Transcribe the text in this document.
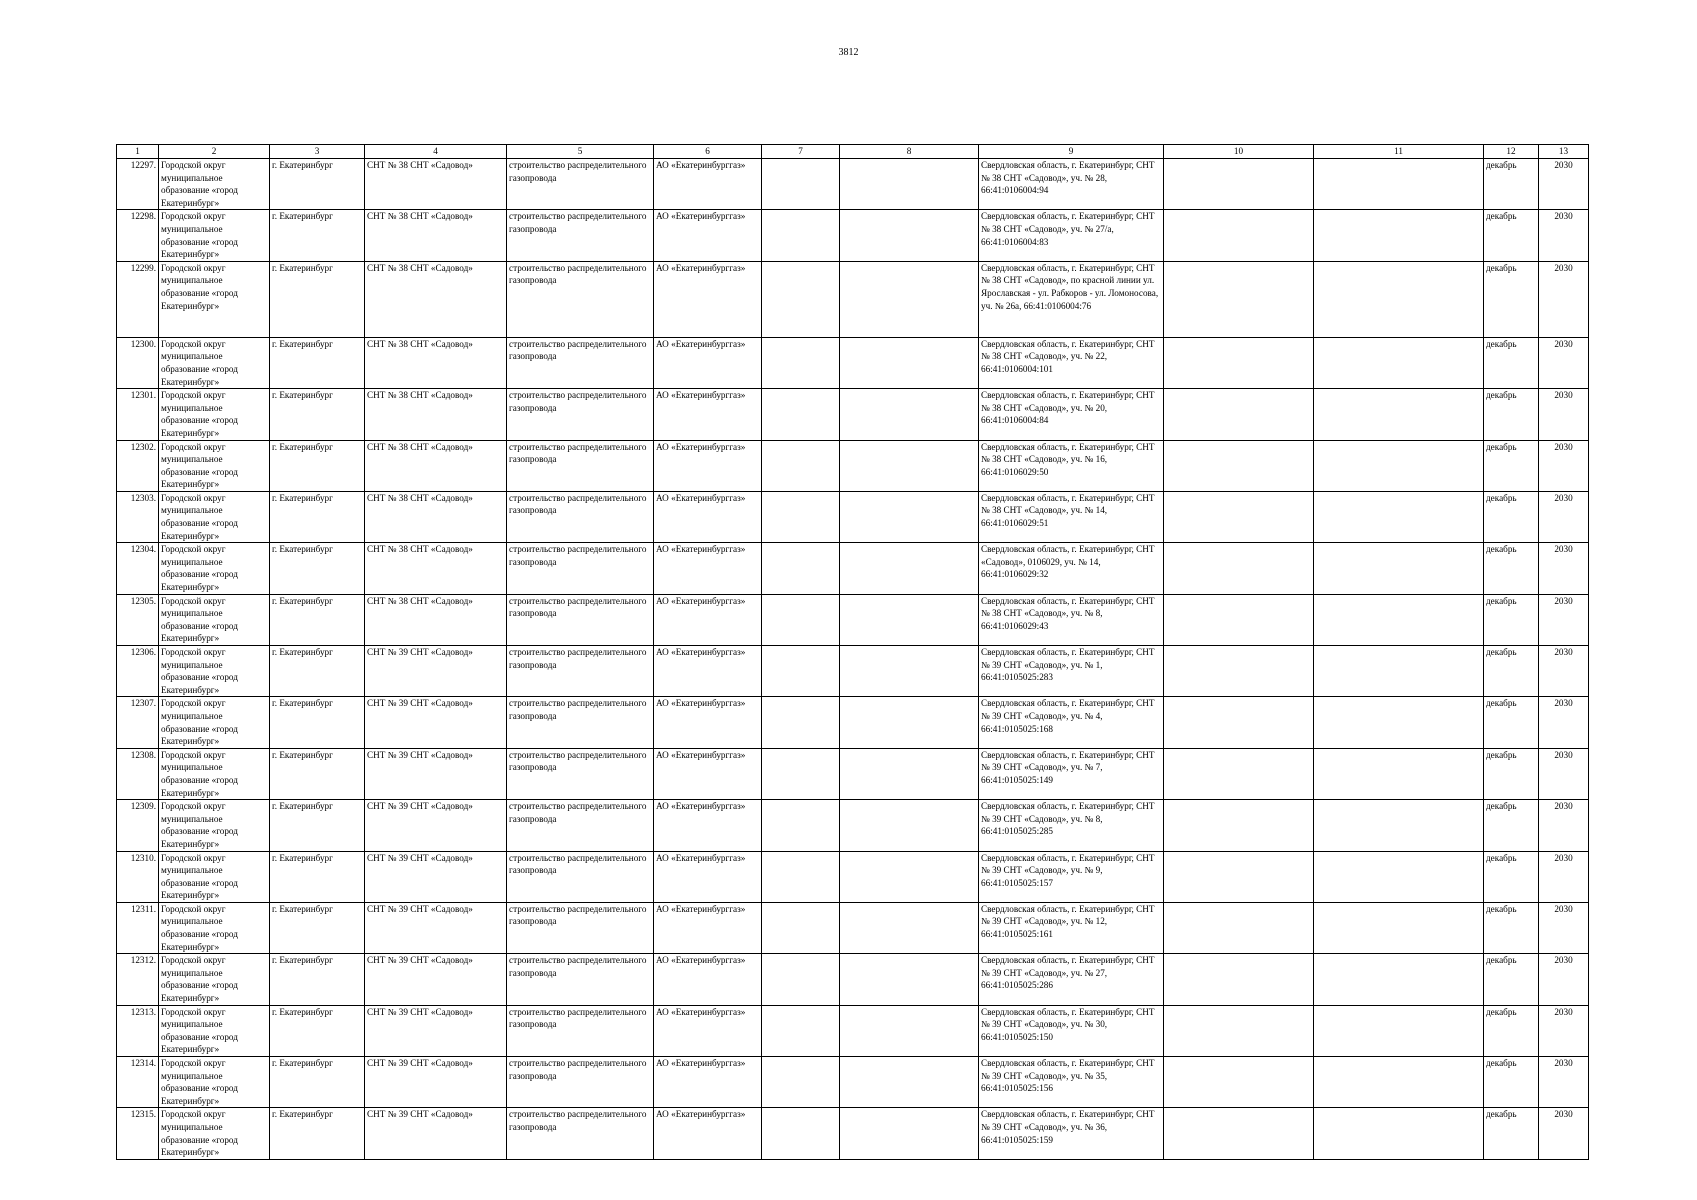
3812
1	2	3	4	5	6	7	8	9	10	11	12	13
12297.	Городской округ муниципальное образование «город Екатеринбург»	г. Екатеринбург	СНТ № 38 СНТ «Садовод»	строительство распределительного газопровода	АО «Екатеринбурггаз»			Свердловская область, г. Екатеринбург, СНТ № 38 СНТ «Садовод», уч. № 28, 66:41:0106004:94			декабрь	2030
12298.	Городской округ муниципальное образование «город Екатеринбург»	г. Екатеринбург	СНТ № 38 СНТ «Садовод»	строительство распределительного газопровода	АО «Екатеринбурггаз»			Свердловская область, г. Екатеринбург, СНТ № 38 СНТ «Садовод», уч. № 27/а, 66:41:0106004:83			декабрь	2030
12299.	Городской округ муниципальное образование «город Екатеринбург»	г. Екатеринбург	СНТ № 38 СНТ «Садовод»	строительство распределительного газопровода	АО «Екатеринбурггаз»			Свердловская область, г. Екатеринбург, СНТ № 38 СНТ «Садовод», по красной линии ул. Ярославская - ул. Рабкоров - ул. Ломоносова, уч. № 26а, 66:41:0106004:76			декабрь	2030
12300.	Городской округ муниципальное образование «город Екатеринбург»	г. Екатеринбург	СНТ № 38 СНТ «Садовод»	строительство распределительного газопровода	АО «Екатеринбурггаз»			Свердловская область, г. Екатеринбург, СНТ № 38 СНТ «Садовод», уч. № 22, 66:41:0106004:101			декабрь	2030
12301.	Городской округ муниципальное образование «город Екатеринбург»	г. Екатеринбург	СНТ № 38 СНТ «Садовод»	строительство распределительного газопровода	АО «Екатеринбурггаз»			Свердловская область, г. Екатеринбург, СНТ № 38 СНТ «Садовод», уч. № 20, 66:41:0106004:84			декабрь	2030
12302.	Городской округ муниципальное образование «город Екатеринбург»	г. Екатеринбург	СНТ № 38 СНТ «Садовод»	строительство распределительного газопровода	АО «Екатеринбурггаз»			Свердловская область, г. Екатеринбург, СНТ № 38 СНТ «Садовод», уч. № 16, 66:41:0106029:50			декабрь	2030
12303.	Городской округ муниципальное образование «город Екатеринбург»	г. Екатеринбург	СНТ № 38 СНТ «Садовод»	строительство распределительного газопровода	АО «Екатеринбурггаз»			Свердловская область, г. Екатеринбург, СНТ № 38 СНТ «Садовод», уч. № 14, 66:41:0106029:51			декабрь	2030
12304.	Городской округ муниципальное образование «город Екатеринбург»	г. Екатеринбург	СНТ № 38 СНТ «Садовод»	строительство распределительного газопровода	АО «Екатеринбурггаз»			Свердловская область, г. Екатеринбург, СНТ «Садовод», 0106029, уч. № 14, 66:41:0106029:32			декабрь	2030
12305.	Городской округ муниципальное образование «город Екатеринбург»	г. Екатеринбург	СНТ № 38 СНТ «Садовод»	строительство распределительного газопровода	АО «Екатеринбурггаз»			Свердловская область, г. Екатеринбург, СНТ № 38 СНТ «Садовод», уч. № 8, 66:41:0106029:43			декабрь	2030
12306.	Городской округ муниципальное образование «город Екатеринбург»	г. Екатеринбург	СНТ № 39 СНТ «Садовод»	строительство распределительного газопровода	АО «Екатеринбурггаз»			Свердловская область, г. Екатеринбург, СНТ № 39 СНТ «Садовод», уч. № 1, 66:41:0105025:283			декабрь	2030
12307.	Городской округ муниципальное образование «город Екатеринбург»	г. Екатеринбург	СНТ № 39 СНТ «Садовод»	строительство распределительного газопровода	АО «Екатеринбурггаз»			Свердловская область, г. Екатеринбург, СНТ № 39 СНТ «Садовод», уч. № 4, 66:41:0105025:168			декабрь	2030
12308.	Городской округ муниципальное образование «город Екатеринбург»	г. Екатеринбург	СНТ № 39 СНТ «Садовод»	строительство распределительного газопровода	АО «Екатеринбурггаз»			Свердловская область, г. Екатеринбург, СНТ № 39 СНТ «Садовод», уч. № 7, 66:41:0105025:149			декабрь	2030
12309.	Городской округ муниципальное образование «город Екатеринбург»	г. Екатеринбург	СНТ № 39 СНТ «Садовод»	строительство распределительного газопровода	АО «Екатеринбурггаз»			Свердловская область, г. Екатеринбург, СНТ № 39 СНТ «Садовод», уч. № 8, 66:41:0105025:285			декабрь	2030
12310.	Городской округ муниципальное образование «город Екатеринбург»	г. Екатеринбург	СНТ № 39 СНТ «Садовод»	строительство распределительного газопровода	АО «Екатеринбурггаз»			Свердловская область, г. Екатеринбург, СНТ № 39 СНТ «Садовод», уч. № 9, 66:41:0105025:157			декабрь	2030
12311.	Городской округ муниципальное образование «город Екатеринбург»	г. Екатеринбург	СНТ № 39 СНТ «Садовод»	строительство распределительного газопровода	АО «Екатеринбурггаз»			Свердловская область, г. Екатеринбург, СНТ № 39 СНТ «Садовод», уч. № 12, 66:41:0105025:161			декабрь	2030
12312.	Городской округ муниципальное образование «город Екатеринбург»	г. Екатеринбург	СНТ № 39 СНТ «Садовод»	строительство распределительного газопровода	АО «Екатеринбурггаз»			Свердловская область, г. Екатеринбург, СНТ № 39 СНТ «Садовод», уч. № 27, 66:41:0105025:286			декабрь	2030
12313.	Городской округ муниципальное образование «город Екатеринбург»	г. Екатеринбург	СНТ № 39 СНТ «Садовод»	строительство распределительного газопровода	АО «Екатеринбурггаз»			Свердловская область, г. Екатеринбург, СНТ № 39 СНТ «Садовод», уч. № 30, 66:41:0105025:150			декабрь	2030
12314.	Городской округ муниципальное образование «город Екатеринбург»	г. Екатеринбург	СНТ № 39 СНТ «Садовод»	строительство распределительного газопровода	АО «Екатеринбурггаз»			Свердловская область, г. Екатеринбург, СНТ № 39 СНТ «Садовод», уч. № 35, 66:41:0105025:156			декабрь	2030
12315.	Городской округ муниципальное образование «город Екатеринбург»	г. Екатеринбург	СНТ № 39 СНТ «Садовод»	строительство распределительного газопровода	АО «Екатеринбурггаз»			Свердловская область, г. Екатеринбург, СНТ № 39 СНТ «Садовод», уч. № 36, 66:41:0105025:159			декабрь	2030
